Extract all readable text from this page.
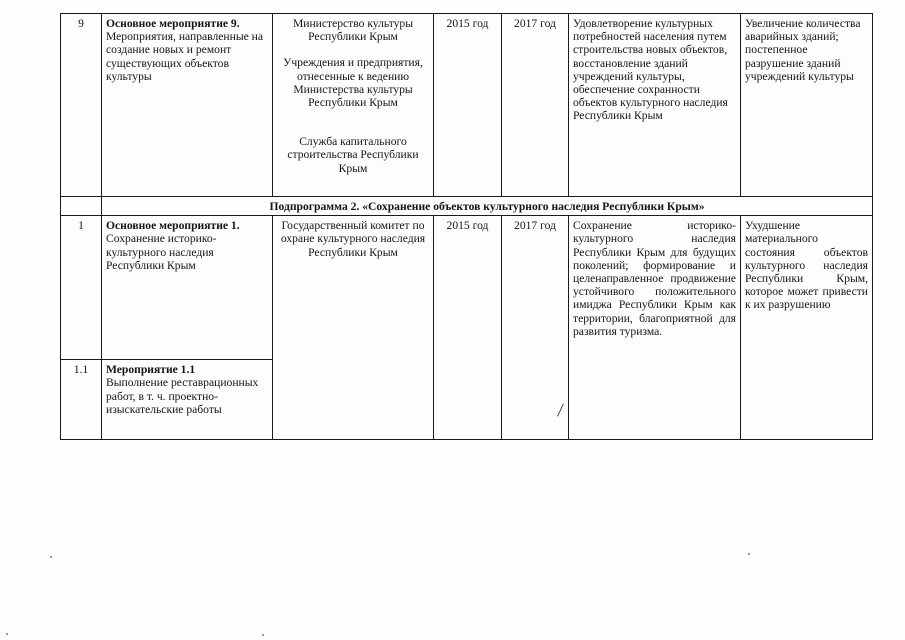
9	Основное мероприятие 9.
Мероприятия, направленные на создание новых и ремонт существующих объектов культуры	Министерство культуры Республики Крым
Учреждения и предприятия, отнесенные к ведению Министерства культуры Республики Крым
Служба капитального строительства Республики Крым	2015 год	2017 год	Удовлетворение культурных потребностей населения путем строительства новых объектов, восстановление зданий учреждений культуры, обеспечение сохранности объектов культурного наследия Республики Крым	Увеличение количества аварийных зданий; постепенное разрушение зданий учреждений культуры
	Подпрограмма 2. «Сохранение объектов культурного наследия Республики Крым»					
1	Основное мероприятие 1.
Сохранение историко-культурного наследия Республики Крым	Государственный комитет по охране культурного наследия Республики Крым	2015 год	2017 год	Сохранение историко-культурного наследия Республики Крым для будущих поколений; формирование и целенаправленное продвижение устойчивого положительного имиджа Республики Крым как территории, благоприятной для развития туризма.	Ухудшение материального состояния объектов культурного наследия Республики Крым, которое может привести к их разрушению
1.1	Мероприятие 1.1
Выполнение реставрационных работ, в т. ч. проектно-изыскательские работы					
